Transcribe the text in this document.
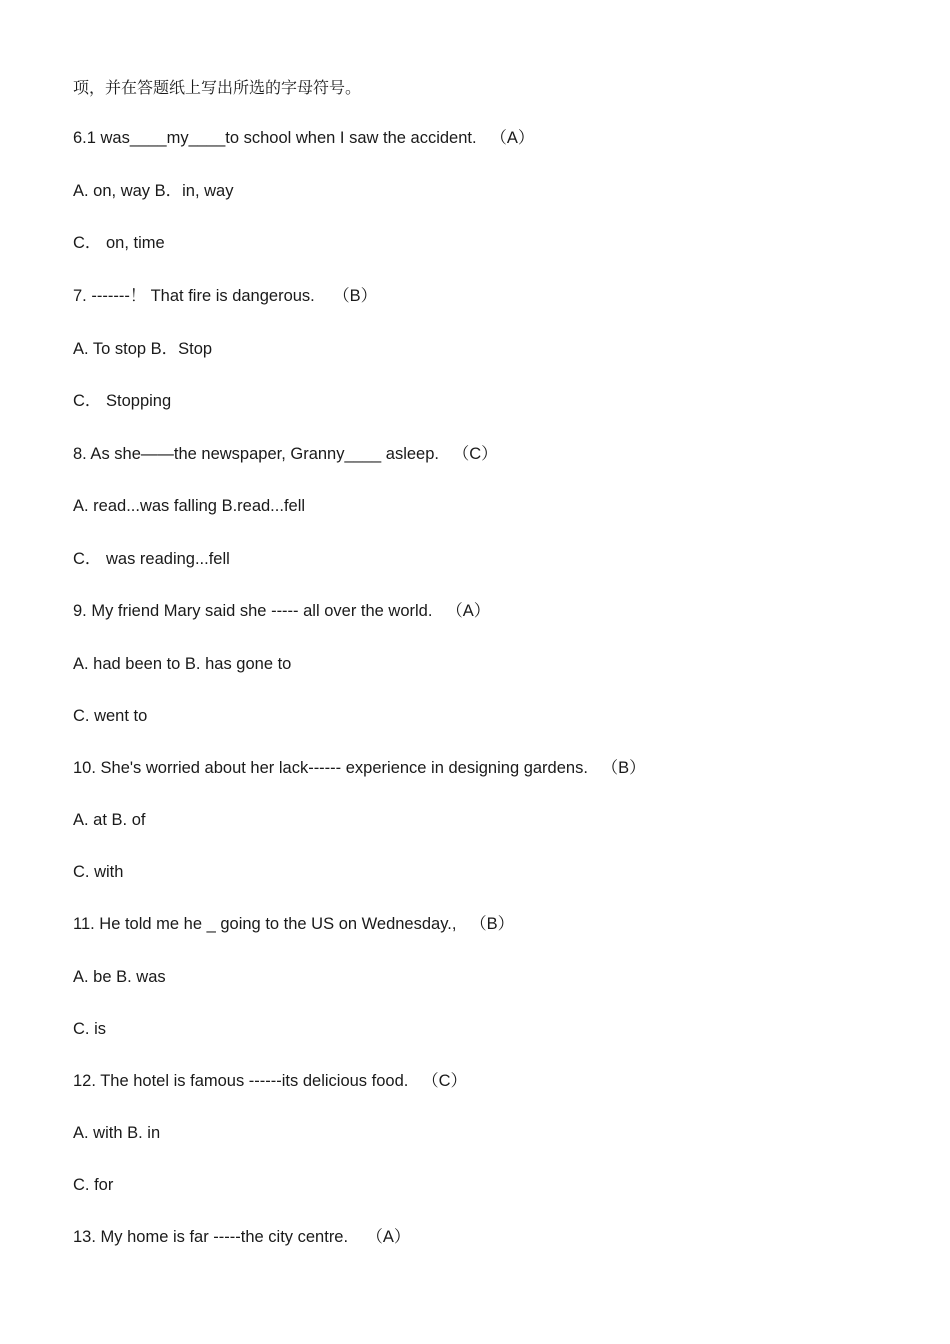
项，并在答题纸上写出所选的字母符号。
6.1 was____my____to school when I saw the accident.   （A）
A. on, way B．in, way
C． on, time
7. -------！ That fire is dangerous.    （B）
A. To stop B．Stop
C． Stopping
8. As she——the newspaper, Granny____ asleep.   （C）
A. read...was falling B.read...fell
C． was reading...fell
9. My friend Mary said she ----- all over the world.   （A）
A. had been to B. has gone to
C. went to
10. She's worried about her lack------ experience in designing gardens.   （B）
A. at B. of
C. with
11. He told me he _ going to the US on Wednesday.,   （B）
A. be B. was
C. is
12. The hotel is famous ------its delicious food.   （C）
A. with B. in
C. for
13. My home is far -----the city centre.    （A）
